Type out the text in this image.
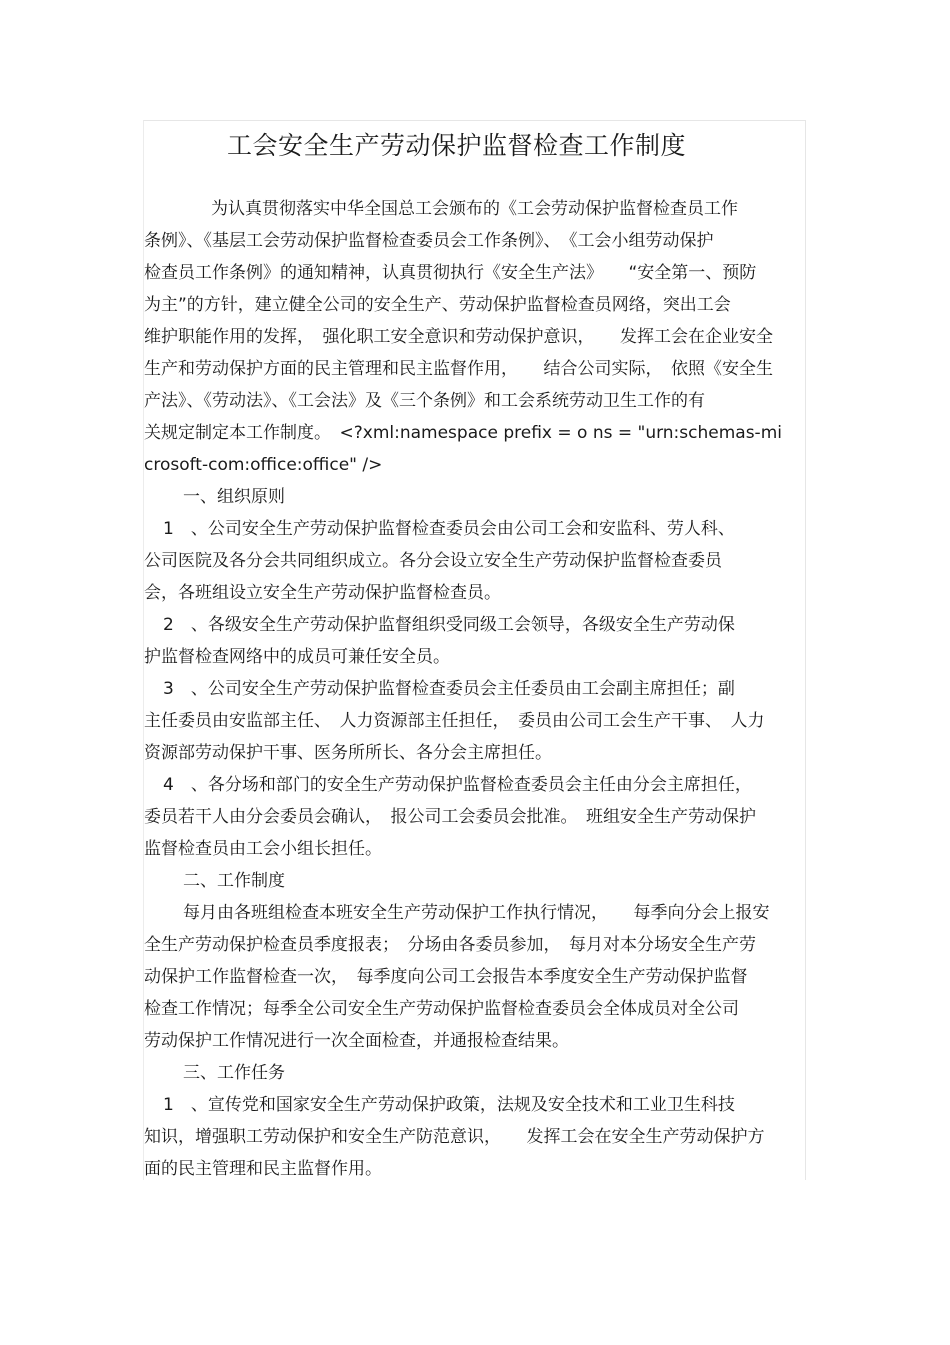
工会安全生产劳动保护监督检查工作制度
为认真贯彻落实中华全国总工会颁布的《工会劳动保护监督检查员工作
条例》、《基层工会劳动保护监督检查委员会工作条例》、　《工会小组劳动保护
检查员工作条例》的通知精神，认真贯彻执行《安全生产法》　　“安全第一、预防
为主”的方针，建立健全公司的安全生产、劳动保护监督检查员网络，突出工会
维护职能作用的发挥，　强化职工安全意识和劳动保护意识，　　发挥工会在企业安全
生产和劳动保护方面的民主管理和民主监督作用，　　结合公司实际，　依照《安全生
产法》、《劳动法》、《工会法》及《三个条例》和工会系统劳动卫生工作的有
关规定制定本工作制度。　<?xml:namespace prefix = o ns = "urn:schemas-mi
crosoft-com:office:office" />
一、组织原则
1　、公司安全生产劳动保护监督检查委员会由公司工会和安监科、劳人科、
公司医院及各分会共同组织成立。各分会设立安全生产劳动保护监督检查委员
会，各班组设立安全生产劳动保护监督检查员。
2　、各级安全生产劳动保护监督组织受同级工会领导，各级安全生产劳动保
护监督检查网络中的成员可兼任安全员。
3　、公司安全生产劳动保护监督检查委员会主任委员由工会副主席担任；副
主任委员由安监部主任、　人力资源部主任担任，　委员由公司工会生产干事、　人力
资源部劳动保护干事、医务所所长、各分会主席担任。
4　、各分场和部门的安全生产劳动保护监督检查委员会主任由分会主席担任，
委员若干人由分会委员会确认，　报公司工会委员会批准。　班组安全生产劳动保护
监督检查员由工会小组长担任。
二、工作制度
每月由各班组检查本班安全生产劳动保护工作执行情况，　　每季向分会上报安
全生产劳动保护检查员季度报表；　分场由各委员参加，　每月对本分场安全生产劳
动保护工作监督检查一次，　每季度向公司工会报告本季度安全生产劳动保护监督
检查工作情况；每季全公司安全生产劳动保护监督检查委员会全体成员对全公司
劳动保护工作情况进行一次全面检查，并通报检查结果。
三、工作任务
1　、宣传党和国家安全生产劳动保护政策，法规及安全技术和工业卫生科技
知识，增强职工劳动保护和安全生产防范意识，　　发挥工会在安全生产劳动保护方
面的民主管理和民主监督作用。
